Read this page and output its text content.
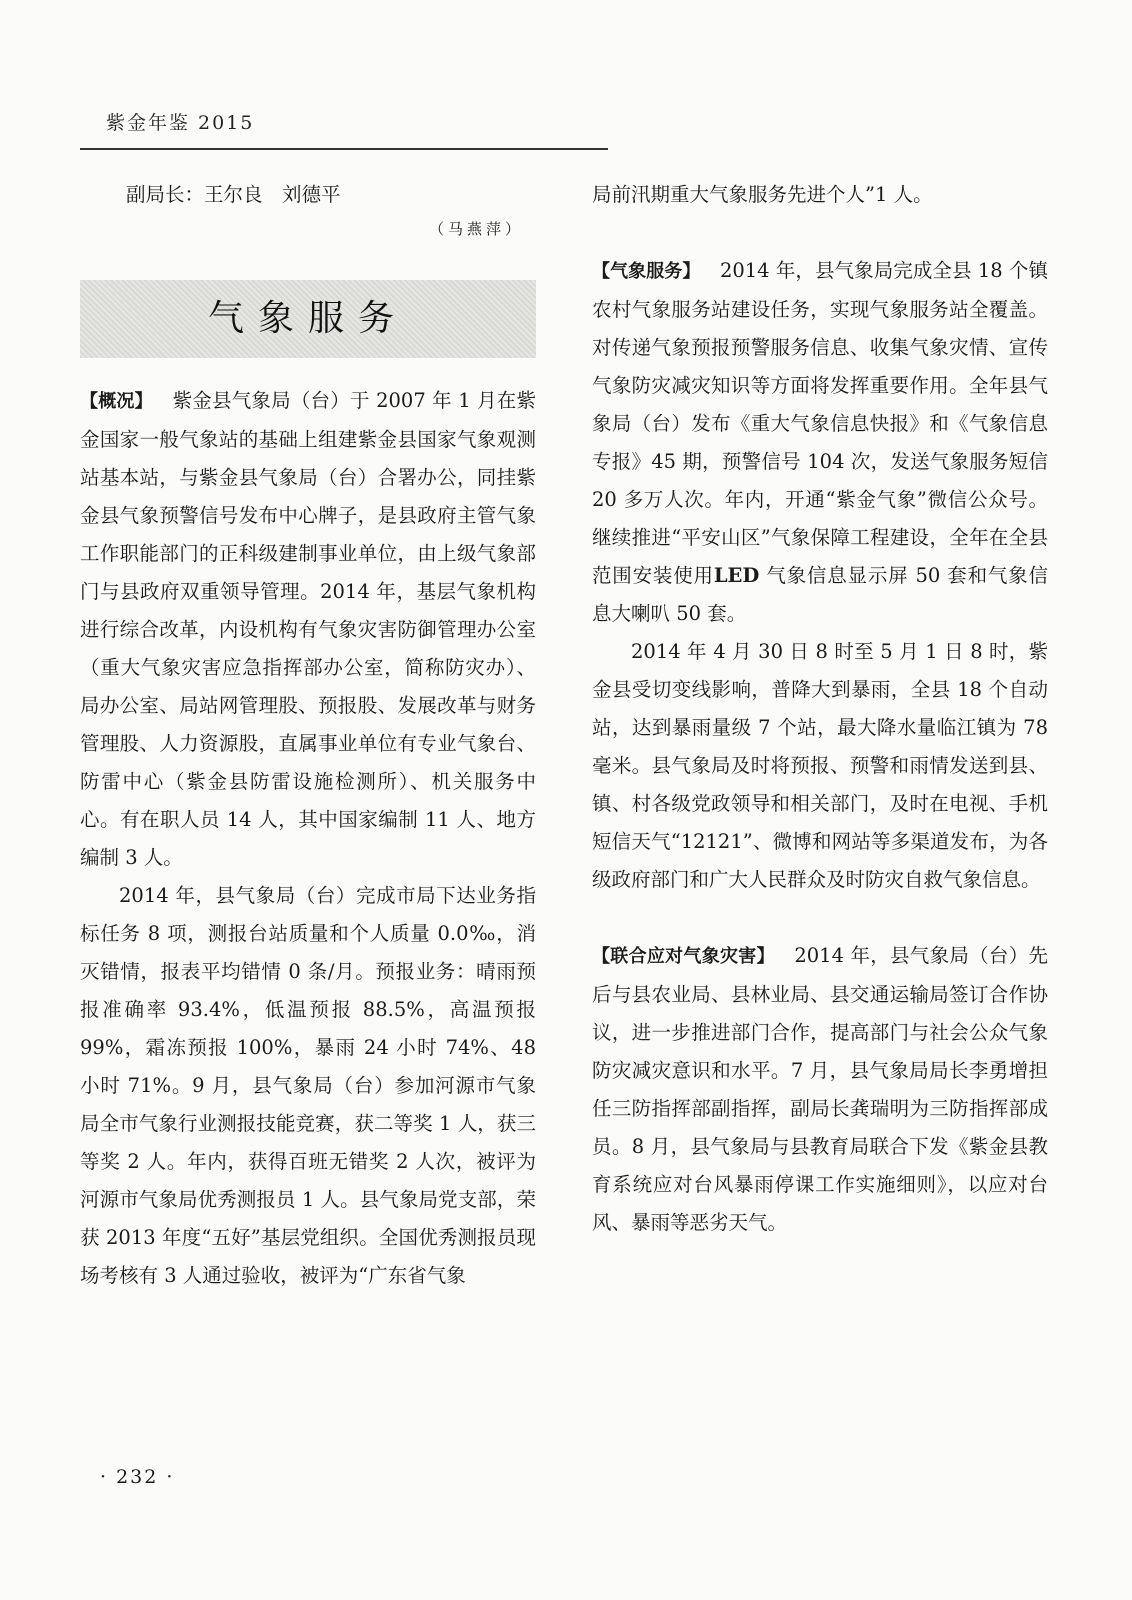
紫金年鉴 2015

副局长：王尔良　刘德平

（马燕萍）
气象服务

【概况】  紫金县气象局（台）于 2007 年 1 月在紫金国家一般气象站的基础上组建紫金县国家气象观测站基本站，与紫金县气象局（台）合署办公，同挂紫金县气象预警信号发布中心牌子，是县政府主管气象工作职能部门的正科级建制事业单位，由上级气象部门与县政府双重领导管理。2014 年，基层气象机构进行综合改革，内设机构有气象灾害防御管理办公室（重大气象灾害应急指挥部办公室，简称防灾办）、局办公室、局站网管理股、预报股、发展改革与财务管理股、人力资源股，直属事业单位有专业气象台、防雷中心（紫金县防雷设施检测所）、机关服务中心。有在职人员 14 人，其中国家编制 11 人、地方编制 3 人。

2014 年，县气象局（台）完成市局下达业务指标任务 8 项，测报台站质量和个人质量 0.0‰，消灭错情，报表平均错情 0 条/月。预报业务：晴雨预报准确率 93.4%，低温预报 88.5%，高温预报 99%，霜冻预报 100%，暴雨 24 小时 74%、48 小时 71%。9 月，县气象局（台）参加河源市气象局全市气象行业测报技能竞赛，获二等奖 1 人，获三等奖 2 人。年内，获得百班无错奖 2 人次，被评为河源市气象局优秀测报员 1 人。县气象局党支部，荣获 2013 年度“五好”基层党组织。全国优秀测报员现场考核有 3 人通过验收，被评为“广东省气象

局前汛期重大气象服务先进个人”1 人。

【气象服务】  2014 年，县气象局完成全县 18 个镇农村气象服务站建设任务，实现气象服务站全覆盖。对传递气象预报预警服务信息、收集气象灾情、宣传气象防灾减灾知识等方面将发挥重要作用。全年县气象局（台）发布《重大气象信息快报》和《气象信息专报》45 期，预警信号 104 次，发送气象服务短信 20 多万人次。年内，开通“紫金气象”微信公众号。继续推进“平安山区”气象保障工程建设，全年在全县范围安装使用LED 气象信息显示屏 50 套和气象信息大喇叭 50 套。

2014 年 4 月 30 日 8 时至 5 月 1 日 8 时，紫金县受切变线影响，普降大到暴雨，全县 18 个自动站，达到暴雨量级 7 个站，最大降水量临江镇为 78 毫米。县气象局及时将预报、预警和雨情发送到县、镇、村各级党政领导和相关部门，及时在电视、手机短信天气“12121”、微博和网站等多渠道发布，为各级政府部门和广大人民群众及时防灾自救气象信息。

【联合应对气象灾害】  2014 年，县气象局（台）先后与县农业局、县林业局、县交通运输局签订合作协议，进一步推进部门合作，提高部门与社会公众气象防灾减灾意识和水平。7 月，县气象局局长李勇增担任三防指挥部副指挥，副局长龚瑞明为三防指挥部成员。8 月，县气象局与县教育局联合下发《紫金县教育系统应对台风暴雨停课工作实施细则》，以应对台风、暴雨等恶劣天气。

· 232 ·
